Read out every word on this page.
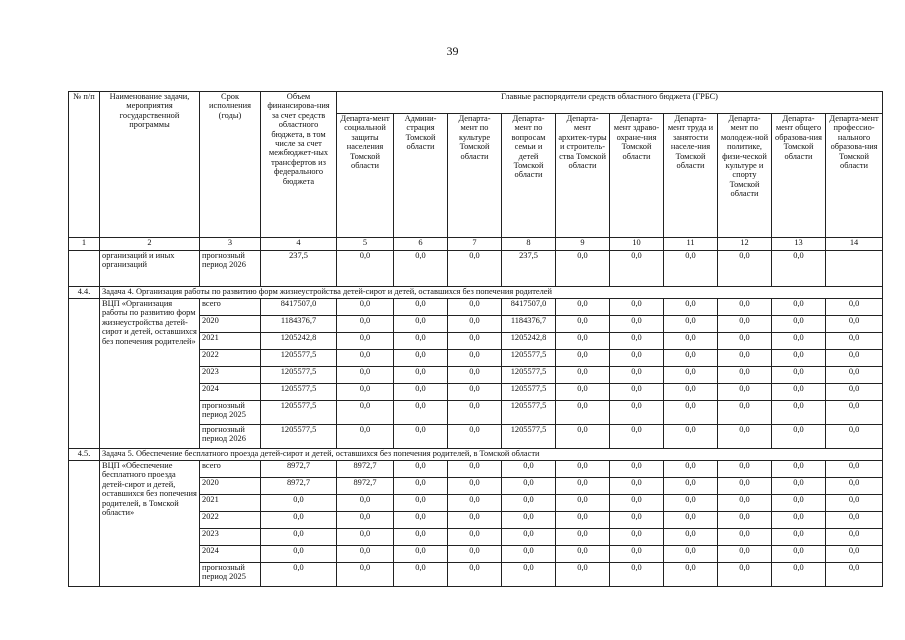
39
№ п/п	Наименование задачи, мероприятия государственной программы	Срок исполнения (годы)	Объем финансирова-ния за счет средств областного бюджета, в том числе за счет межбюджет-ных трансфертов из федерального бюджета	Главные распорядители средств областного бюджета (ГРБС)									
				Департа-мент социальной защиты населения Томской области	Админи-страция Томской области	Департа-мент по культуре Томской области	Департа-мент по вопросам семьи и детей Томской области	Департа-мент архитек-туры и строитель-ства Томской области	Департа-мент здраво-охране-ния Томской области	Департа-мент труда и занятости населе-ния Томской области	Департа-мент по молодеж-ной политике, физи-ческой культуре и спорту Томской области	Департа-мент общего образова-ния Томской области	Департа-мент профессио-нального образова-ния Томской области
1	2	3	4	5	6	7	8	9	10	11	12	13	14
	организаций и иных организаций	прогнозный период 2026	237,5	0,0	0,0	0,0	237,5	0,0	0,0	0,0	0,0	0,0	
4.4.	Задача 4. Организация работы по развитию форм жизнеустройства детей-сирот и детей, оставшихся без попечения родителей												
	ВЦП «Организация работы по развитию форм жизнеустройства детей-сирот и детей, оставшихся без попечения родителей»	всего	8417507,0	0,0	0,0	0,0	8417507,0	0,0	0,0	0,0	0,0	0,0	0,0
		2020	1184376,7	0,0	0,0	0,0	1184376,7	0,0	0,0	0,0	0,0	0,0	0,0
		2021	1205242,8	0,0	0,0	0,0	1205242,8	0,0	0,0	0,0	0,0	0,0	0,0
		2022	1205577,5	0,0	0,0	0,0	1205577,5	0,0	0,0	0,0	0,0	0,0	0,0
		2023	1205577,5	0,0	0,0	0,0	1205577,5	0,0	0,0	0,0	0,0	0,0	0,0
		2024	1205577,5	0,0	0,0	0,0	1205577,5	0,0	0,0	0,0	0,0	0,0	0,0
		прогнозный период 2025	1205577,5	0,0	0,0	0,0	1205577,5	0,0	0,0	0,0	0,0	0,0	0,0
		прогнозный период 2026	1205577,5	0,0	0,0	0,0	1205577,5	0,0	0,0	0,0	0,0	0,0	0,0
4.5.	Задача 5. Обеспечение бесплатного проезда детей-сирот и детей, оставшихся без попечения родителей, в Томской области												
	ВЦП «Обеспечение бесплатного проезда детей-сирот и детей, оставшихся без попечения родителей, в Томской области»	всего	8972,7	8972,7	0,0	0,0	0,0	0,0	0,0	0,0	0,0	0,0	0,0
		2020	8972,7	8972,7	0,0	0,0	0,0	0,0	0,0	0,0	0,0	0,0	0,0
		2021	0,0	0,0	0,0	0,0	0,0	0,0	0,0	0,0	0,0	0,0	0,0
		2022	0,0	0,0	0,0	0,0	0,0	0,0	0,0	0,0	0,0	0,0	0,0
		2023	0,0	0,0	0,0	0,0	0,0	0,0	0,0	0,0	0,0	0,0	0,0
		2024	0,0	0,0	0,0	0,0	0,0	0,0	0,0	0,0	0,0	0,0	0,0
		прогнозный период 2025	0,0	0,0	0,0	0,0	0,0	0,0	0,0	0,0	0,0	0,0	0,0
